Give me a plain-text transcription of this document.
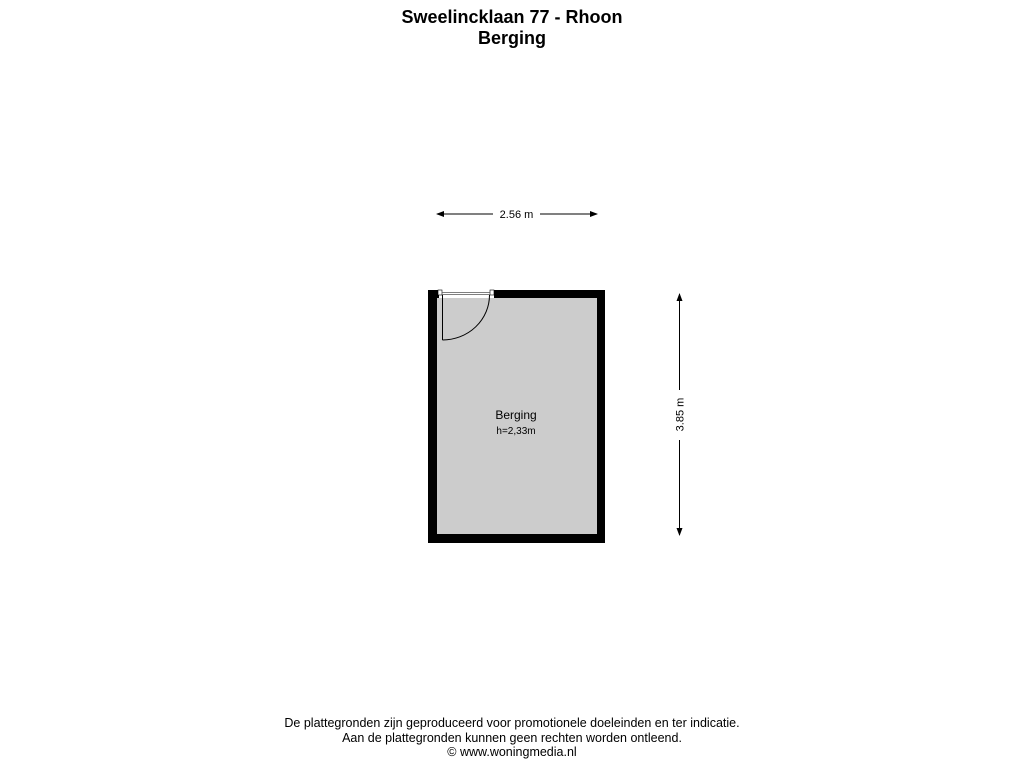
Sweelincklaan 77 - Rhoon
Berging
Berging
h=2,33m
2.56 m
3.85 m
De plattegronden zijn geproduceerd voor promotionele doeleinden en ter indicatie.
Aan de plattegronden kunnen geen rechten worden ontleend.
© www.woningmedia.nl
